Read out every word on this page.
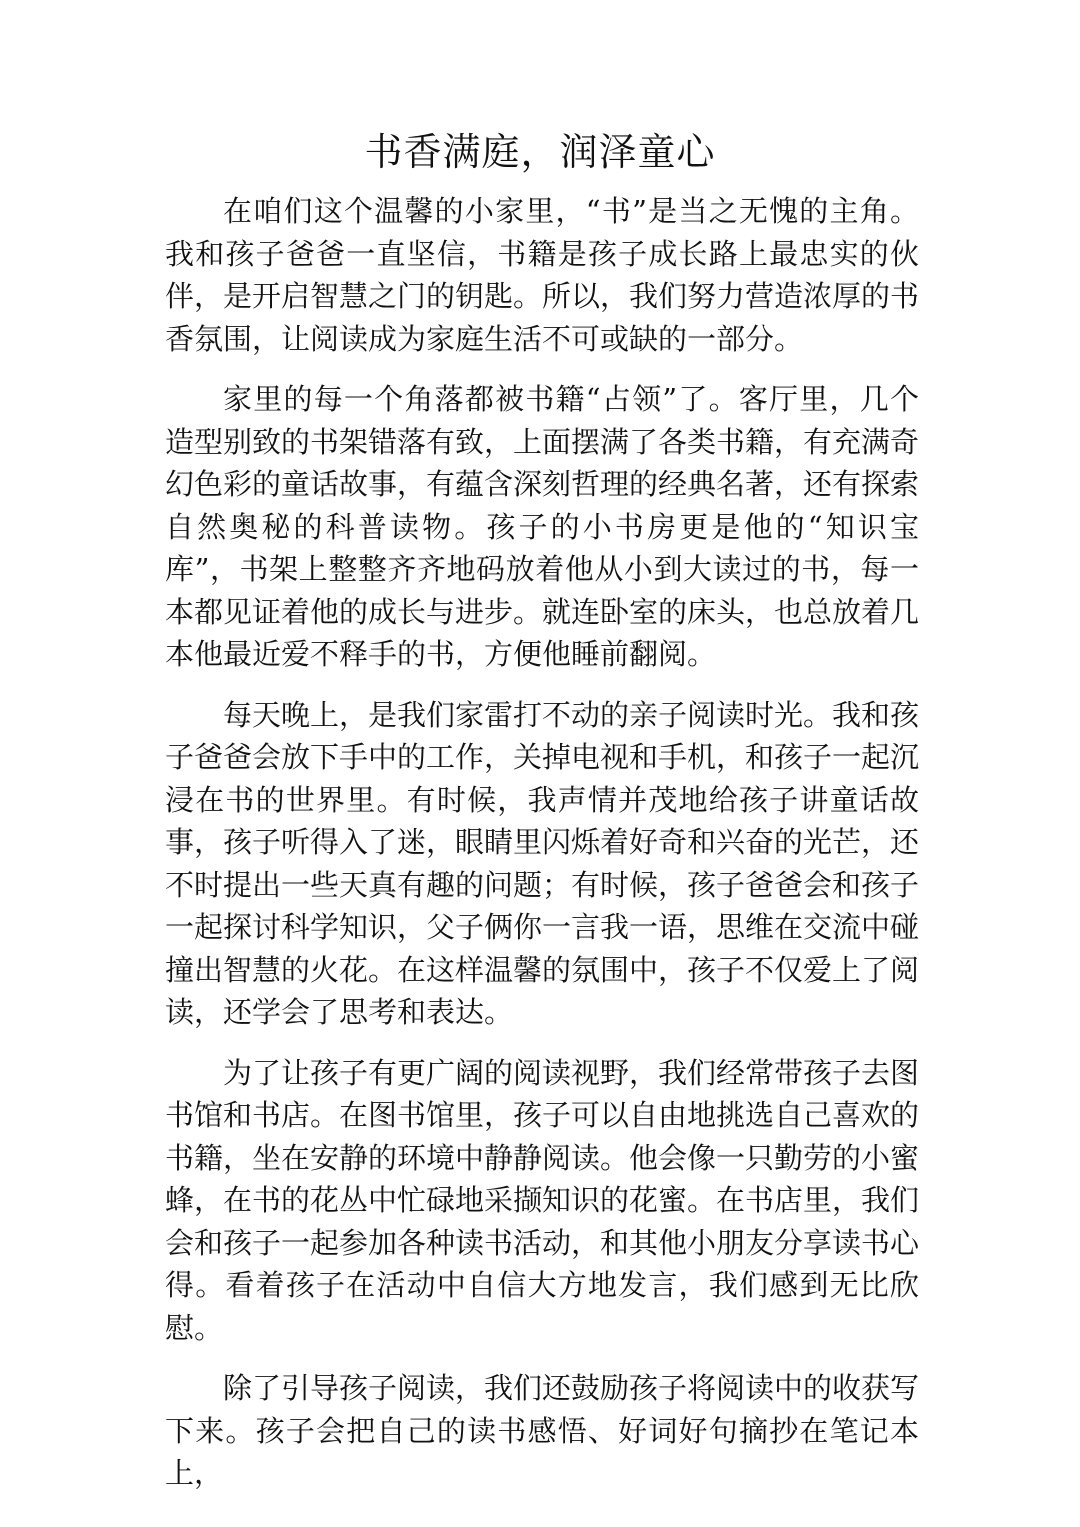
书香满庭，润泽童心

在咱们这个温馨的小家里，“书”是当之无愧的主角。我和孩子爸爸一直坚信，书籍是孩子成长路上最忠实的伙伴，是开启智慧之门的钥匙。所以，我们努力营造浓厚的书香氛围，让阅读成为家庭生活不可或缺的一部分。

家里的每一个角落都被书籍“占领”了。客厅里，几个造型别致的书架错落有致，上面摆满了各类书籍，有充满奇幻色彩的童话故事，有蕴含深刻哲理的经典名著，还有探索自然奥秘的科普读物。孩子的小书房更是他的“知识宝库”，书架上整整齐齐地码放着他从小到大读过的书，每一本都见证着他的成长与进步。就连卧室的床头，也总放着几本他最近爱不释手的书，方便他睡前翻阅。

每天晚上，是我们家雷打不动的亲子阅读时光。我和孩子爸爸会放下手中的工作，关掉电视和手机，和孩子一起沉浸在书的世界里。有时候，我声情并茂地给孩子讲童话故事，孩子听得入了迷，眼睛里闪烁着好奇和兴奋的光芒，还不时提出一些天真有趣的问题；有时候，孩子爸爸会和孩子一起探讨科学知识，父子俩你一言我一语，思维在交流中碰撞出智慧的火花。在这样温馨的氛围中，孩子不仅爱上了阅读，还学会了思考和表达。

为了让孩子有更广阔的阅读视野，我们经常带孩子去图书馆和书店。在图书馆里，孩子可以自由地挑选自己喜欢的书籍，坐在安静的环境中静静阅读。他会像一只勤劳的小蜜蜂，在书的花丛中忙碌地采撷知识的花蜜。在书店里，我们会和孩子一起参加各种读书活动，和其他小朋友分享读书心得。看着孩子在活动中自信大方地发言，我们感到无比欣慰。

除了引导孩子阅读，我们还鼓励孩子将阅读中的收获写下来。孩子会把自己的读书感悟、好词好句摘抄在笔记本上，
